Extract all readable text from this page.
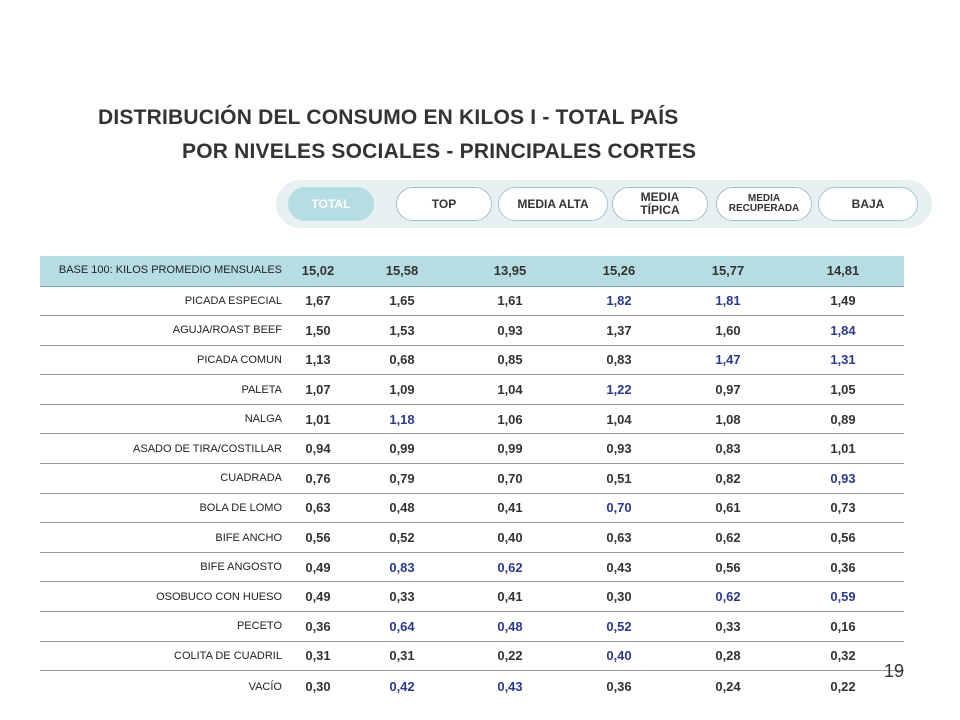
DISTRIBUCIÓN DEL CONSUMO EN KILOS I - TOTAL PAÍS
POR NIVELES SOCIALES - PRINCIPALES CORTES
TOTAL	TOP	MEDIA ALTA	MEDIA TÍPICA
MEDIA RECUPERADA	BAJA
BASE 100: KILOS PROMEDIO MENSUALES	15,02	15,58	13,95	15,26	15,77	14,81
PICADA ESPECIAL	1,67	1,65	1,61	1,82	1,81	1,49
AGUJA/ROAST BEEF	1,50	1,53	0,93	1,37	1,60	1,84
PICADA COMUN	1,13	0,68	0,85	0,83	1,47	1,31
PALETA	1,07	1,09	1,04	1,22	0,97	1,05
NALGA	1,01	1,18	1,06	1,04	1,08	0,89
ASADO DE TIRA/COSTILLAR	0,94	0,99	0,99	0,93	0,83	1,01
CUADRADA	0,76	0,79	0,70	0,51	0,82	0,93
BOLA DE LOMO	0,63	0,48	0,41	0,70	0,61	0,73
BIFE ANCHO	0,56	0,52	0,40	0,63	0,62	0,56
BIFE ANGOSTO	0,49	0,83	0,62	0,43	0,56	0,36
OSOBUCO CON HUESO	0,49	0,33	0,41	0,30	0,62	0,59
PECETO	0,36	0,64	0,48	0,52	0,33	0,16
COLITA DE CUADRIL	0,31	0,31	0,22	0,40	0,28	0,32
VACÍO	0,30	0,42	0,43	0,36	0,24	0,22
19
